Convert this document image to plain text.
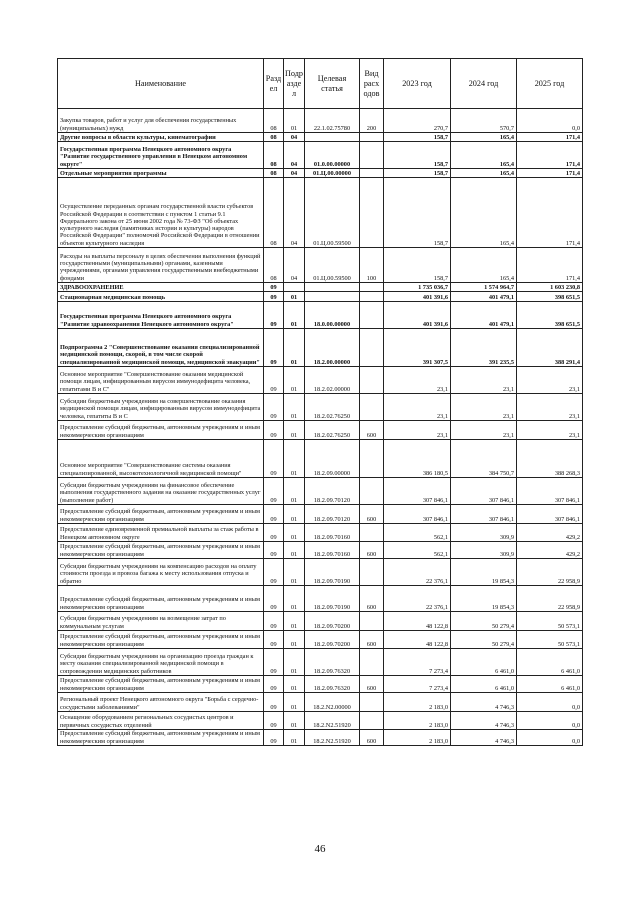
Наименование	Разд ел	Подр азде л	Целевая статья	Вид расх одов	2023 год	2024 год	2025 год
Закупка товаров, работ и услуг для обеспечения государственных (муниципальных) нужд	08	01	22.1.02.75780	200	270,7	570,7	0,0
Другие вопросы в области культуры, кинематографии	08	04			158,7	165,4	171,4
Государственная программа Ненецкого автономного округа "Развитие государственного управления в Ненецком автономном округе"	08	04	01.0.00.00000		158,7	165,4	171,4
Отдельные мероприятия программы	08	04	01.Ц.00.00000		158,7	165,4	171,4
Осуществление переданных органам государственной власти субъектов Российской Федерации в соответствии с пунктом 1 статьи 9.1 Федерального закона от 25 июня 2002 года № 73-ФЗ "Об объектах культурного наследия (памятниках истории и культуры) народов Российской Федерации" полномочий Российской Федерации в отношении объектов культурного наследия	08	04	01.Ц.00.59500		158,7	165,4	171,4
Расходы на выплаты персоналу в целях обеспечения выполнения функций государственными (муниципальными) органами, казенными учреждениями, органами управления государственными внебюджетными фондами	08	04	01.Ц.00.59500	100	158,7	165,4	171,4
ЗДРАВООХРАНЕНИЕ	09				1 735 036,7	1 574 964,7	1 603 230,8
Стационарная медицинская помощь	09	01			401 391,6	401 479,1	398 651,5
Государственная программа Ненецкого автономного округа "Развитие здравоохранения Ненецкого автономного округа"	09	01	18.0.00.00000		401 391,6	401 479,1	398 651,5
Подпрограмма 2 "Совершенствование оказания специализированной медицинской помощи, скорой, в том числе скорой специализированной медицинской помощи, медицинской эвакуации"	09	01	18.2.00.00000		391 307,5	391 235,5	388 291,4
Основное мероприятие "Совершенствование оказания медицинской помощи лицам, инфицированным вирусом иммунодефицита человека, гепатитами В и С"	09	01	18.2.02.00000		23,1	23,1	23,1
Субсидии бюджетным учреждениям на совершенствование оказания медицинской помощи лицам, инфицированным вирусом иммунодефицита человека, гепатиты В и С	09	01	18.2.02.76250		23,1	23,1	23,1
Предоставление субсидий бюджетным, автономным учреждениям и иным некоммерческим организациям	09	01	18.2.02.76250	600	23,1	23,1	23,1
Основное мероприятие "Совершенствование системы оказания специализированной, высокотехнологичной медицинской помощи"	09	01	18.2.09.00000		386 180,5	384 750,7	388 268,3
Субсидии бюджетным учреждениям на финансовое обеспечение выполнения государственного задания на оказание государственных услуг (выполнение работ)	09	01	18.2.09.70120		307 846,1	307 846,1	307 846,1
Предоставление субсидий бюджетным, автономным учреждениям и иным некоммерческим организациям	09	01	18.2.09.70120	600	307 846,1	307 846,1	307 846,1
Предоставление единовременной премиальной выплаты за стаж работы в Ненецком автономном округе	09	01	18.2.09.70160		562,1	309,9	429,2
Предоставление субсидий бюджетным, автономным учреждениям и иным некоммерческим организациям	09	01	18.2.09.70160	600	562,1	309,9	429,2
Субсидии бюджетным учреждениям на компенсацию расходов на оплату стоимости проезда и провоза багажа к месту использования отпуска и обратно	09	01	18.2.09.70190		22 376,1	19 854,3	22 958,9
Предоставление субсидий бюджетным, автономным учреждениям и иным некоммерческим организациям	09	01	18.2.09.70190	600	22 376,1	19 854,3	22 958,9
Субсидии бюджетным учреждениям на возмещение затрат по коммунальным услугам	09	01	18.2.09.70200		48 122,8	50 279,4	50 573,1
Предоставление субсидий бюджетным, автономным учреждениям и иным некоммерческим организациям	09	01	18.2.09.70200	600	48 122,8	50 279,4	50 573,1
Субсидии бюджетным учреждениям на организацию проезда граждан к месту оказания специализированной медицинской помощи в сопровождении медицинских работников	09	01	18.2.09.76320		7 273,4	6 461,0	6 461,0
Предоставление субсидий бюджетным, автономным учреждениям и иным некоммерческим организациям	09	01	18.2.09.76320	600	7 273,4	6 461,0	6 461,0
Региональный проект Ненецкого автономного округа "Борьба с сердечно-сосудистыми заболеваниями"	09	01	18.2.N2.00000		2 183,0	4 746,3	0,0
Оснащение оборудованием региональных сосудистых центров и первичных сосудистых отделений	09	01	18.2.N2.51920		2 183,0	4 746,3	0,0
Предоставление субсидий бюджетным, автономным учреждениям и иным некоммерческим организациям	09	01	18.2.N2.51920	600	2 183,0	4 746,3	0,0
46
